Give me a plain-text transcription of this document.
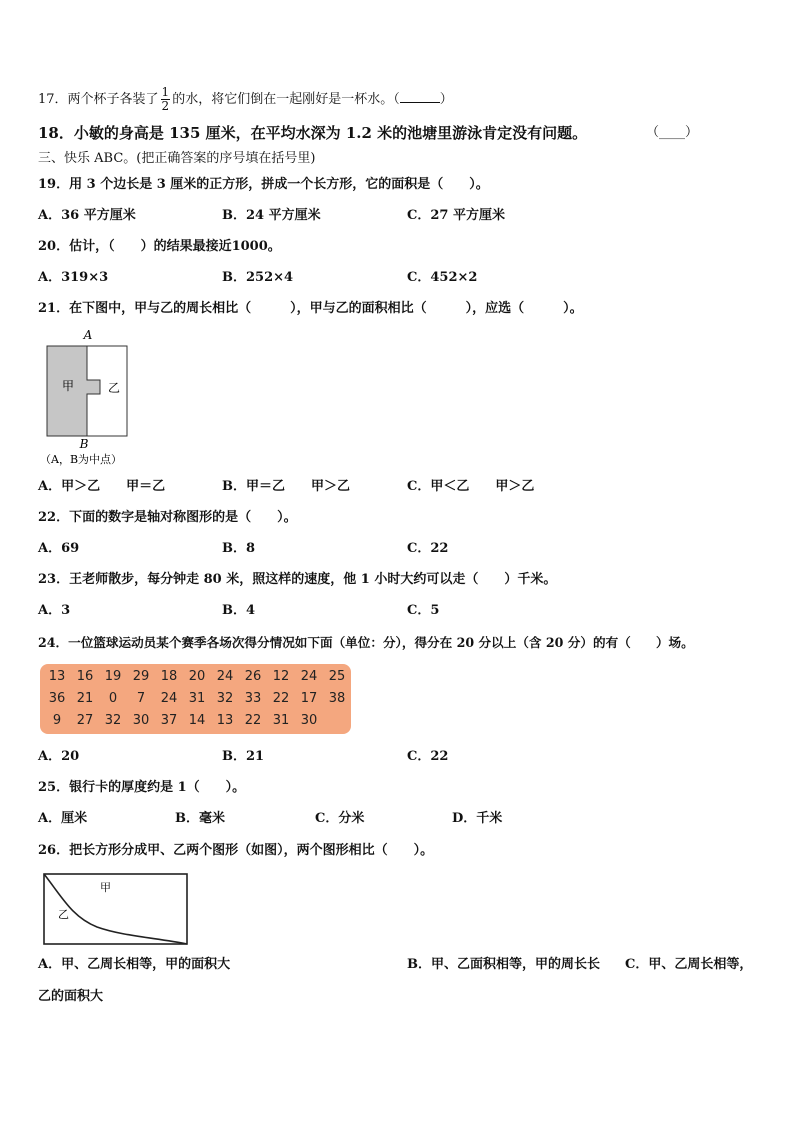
17．两个杯子各装了 $\frac{1}{2}$ 的水，将它们倒在一起刚好是一杯水。（	）
18．小敏的身高是 135 厘米，在平均水深为 1.2 米的池塘里游泳肯定没有问题。	（____）
三、快乐 ABC。(把正确答案的序号填在括号里)
19．用 3 个边长是 3 厘米的正方形，拼成一个长方形，它的面积是（　　）。
A．36 平方厘米	B．24 平方厘米	C．27 平方厘米
20．估计，（　　）的结果最接近1000。
A．319×3	B．252×4	C．452×2
21．在下图中，甲与乙的周长相比（　　　），甲与乙的面积相比（　　　），应选（　　　）。
A
B
甲	乙
（A，B为中点）
A．甲＞乙　　甲＝乙	B．甲＝乙　　甲＞乙	C．甲＜乙　　甲＞乙
22．下面的数字是轴对称图形的是（　　）。
A．69	B．8	C．22
23．王老师散步，每分钟走 80 米，照这样的速度，他 1 小时大约可以走（　　）千米。
A．3	B．4	C．5
24．一位篮球运动员某个赛季各场次得分情况如下面（单位：分），得分在 20 分以上（含 20 分）的有（　　）场。
13 16 19 29 18 20 24 26 12 24 25
36 21	0	7	24 31 32 33 22 17 38
9	27 32 30 37 14 13 22 31 30
A．20	B．21	C．22
25．银行卡的厚度约是 1（　　）。
A．厘米	B．毫米	C．分米	D．千米
26．把长方形分成甲、乙两个图形（如图），两个图形相比（　　）。
甲
乙
A．甲、乙周长相等，甲的面积大	B．甲、乙面积相等，甲的周长长 C．甲、乙周长相等，
乙的面积大
